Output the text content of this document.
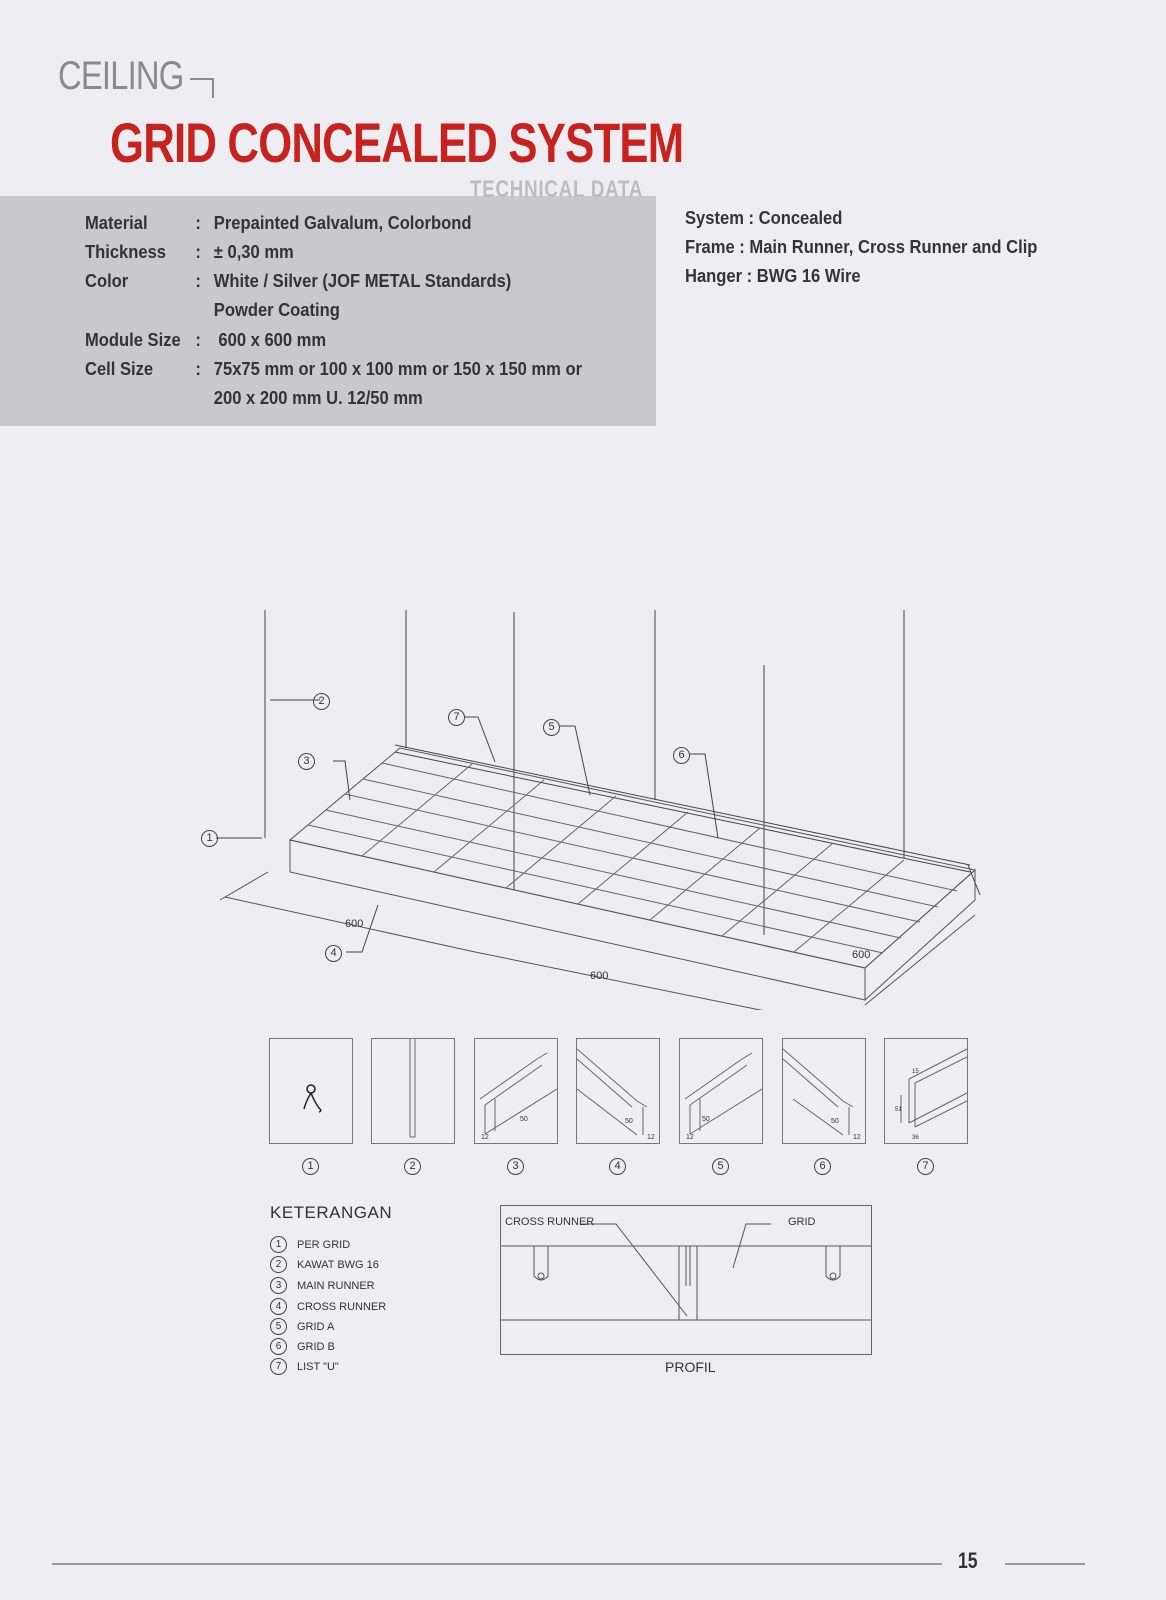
CEILING
GRID CONCEALED SYSTEM
TECHNICAL DATA
Material	: Prepainted Galvalum, Colorbond
Thickness : ± 0,30 mm
Color	: White / Silver (JOF METAL Standards)
Powder Coating
Module Size : 600 x 600 mm
Cell Size : 75x75 mm or 100 x 100 mm or 150 x 150 mm or
200 x 200 mm U. 12/50 mm
System : Concealed
Frame : Main Runner, Cross Runner and Clip
Hanger : BWG 16 Wire
600
600
600
1
2
3
4
5
6
7
50
12
50
12
50
12
50
12
15
51
36
1	2	3	4	5	6	7
KETERANGAN
1	PER GRID
2	KAWAT BWG 16
3	MAIN RUNNER
4	CROSS RUNNER
5	GRID A
6	GRID B
7	LIST "U"
CROSS RUNNER	GRID
PROFIL
15
